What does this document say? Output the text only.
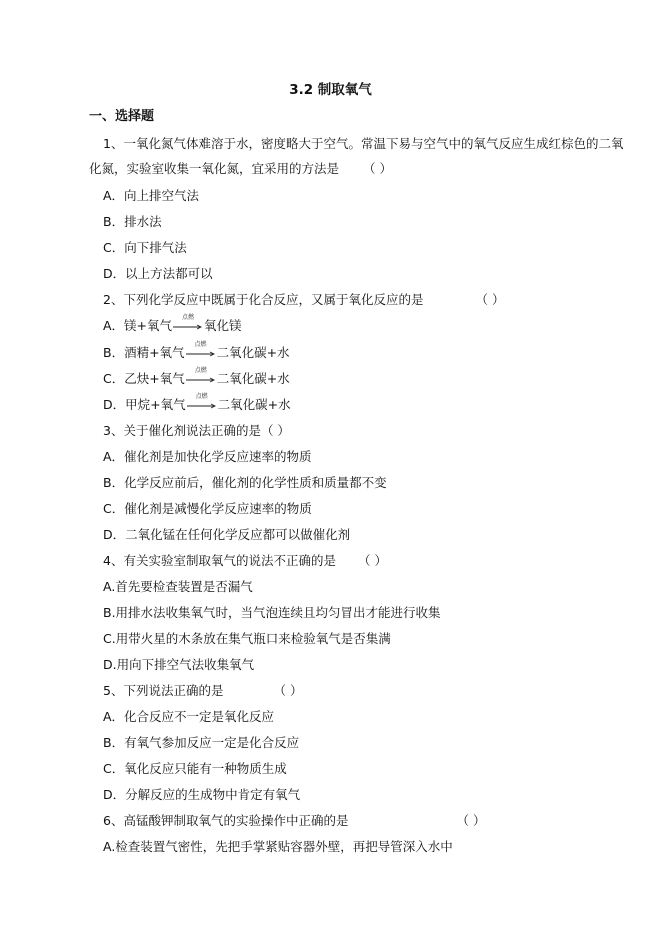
3.2 制取氧气
一、选择题
1、一氧化氮气体难溶于水，密度略大于空气。常温下易与空气中的氧气反应生成红棕色的二氧
化氮，实验室收集一氧化氮，宜采用的方法是 （ ）
A．向上排空气法
B．排水法
C．向下排气法
D．以上方法都可以
2、下列化学反应中既属于化合反应，又属于氧化反应的是	（ ）
A．镁+氧气
点燃
氧化镁
B．酒精+氧气
点燃
二氧化碳+水
C．乙炔+氧气
点燃
二氧化碳+水
D．甲烷+氧气
点燃
二氧化碳+水
3、关于催化剂说法正确的是（ ）
A．催化剂是加快化学反应速率的物质
B．化学反应前后，催化剂的化学性质和质量都不变
C．催化剂是减慢化学反应速率的物质
D．二氧化锰在任何化学反应都可以做催化剂
4、有关实验室制取氧气的说法不正确的是 （ ）
A.首先要检查装置是否漏气
B.用排水法收集氧气时，当气泡连续且均匀冒出才能进行收集
C.用带火星的木条放在集气瓶口来检验氧气是否集满
D.用向下排空气法收集氧气
5、下列说法正确的是	（ ）
A．化合反应不一定是氧化反应
B．有氧气参加反应一定是化合反应
C．氧化反应只能有一种物质生成
D．分解反应的生成物中肯定有氧气
6、高锰酸钾制取氧气的实验操作中正确的是	（ ）
A.检查装置气密性，先把手掌紧贴容器外壁，再把导管深入水中
